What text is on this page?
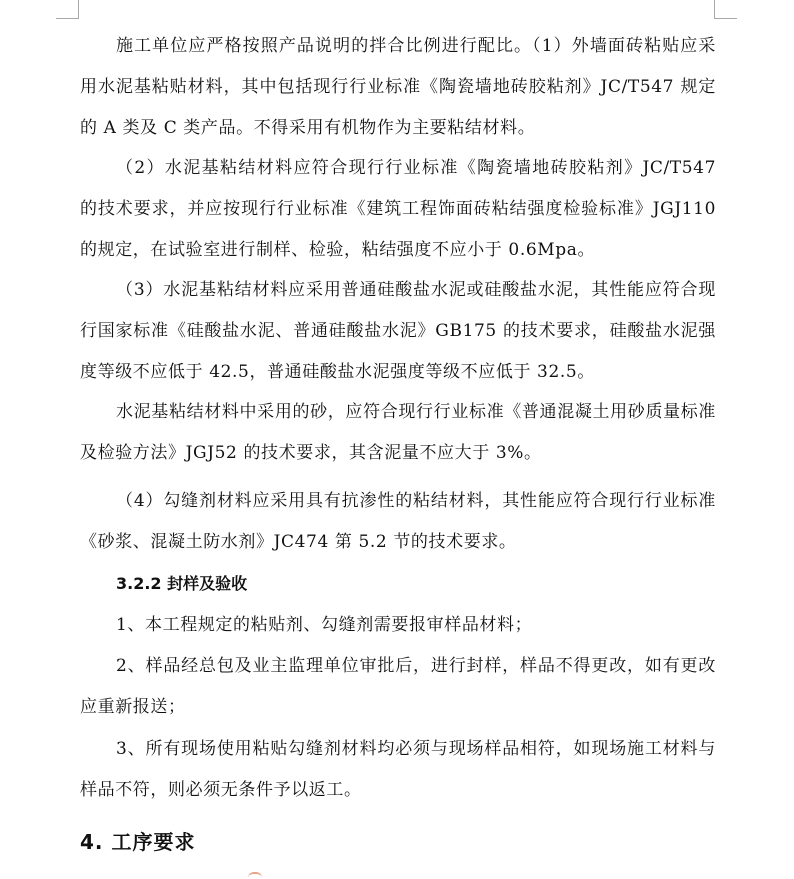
施工单位应严格按照产品说明的拌合比例进行配比。（1）外墙面砖粘贴应采用水泥基粘贴材料，其中包括现行行业标准《陶瓷墙地砖胶粘剂》JC/T547 规定的 A 类及 C 类产品。不得采用有机物作为主要粘结材料。

（2）水泥基粘结材料应符合现行行业标准《陶瓷墙地砖胶粘剂》JC/T547 的技术要求，并应按现行行业标准《建筑工程饰面砖粘结强度检验标准》JGJ110 的规定，在试验室进行制样、检验，粘结强度不应小于 0.6Mpa。

（3）水泥基粘结材料应采用普通硅酸盐水泥或硅酸盐水泥，其性能应符合现行国家标准《硅酸盐水泥、普通硅酸盐水泥》GB175 的技术要求，硅酸盐水泥强度等级不应低于 42.5，普通硅酸盐水泥强度等级不应低于 32.5。

水泥基粘结材料中采用的砂，应符合现行行业标准《普通混凝土用砂质量标准及检验方法》JGJ52 的技术要求，其含泥量不应大于 3%。

（4）勾缝剂材料应采用具有抗渗性的粘结材料，其性能应符合现行行业标准《砂浆、混凝土防水剂》JC474 第 5.2 节的技术要求。

3.2.2 封样及验收

1、本工程规定的粘贴剂、勾缝剂需要报审样品材料；

2、样品经总包及业主监理单位审批后，进行封样，样品不得更改，如有更改应重新报送；

3、所有现场使用粘贴勾缝剂材料均必须与现场样品相符，如现场施工材料与样品不符，则必须无条件予以返工。

4. 工序要求
